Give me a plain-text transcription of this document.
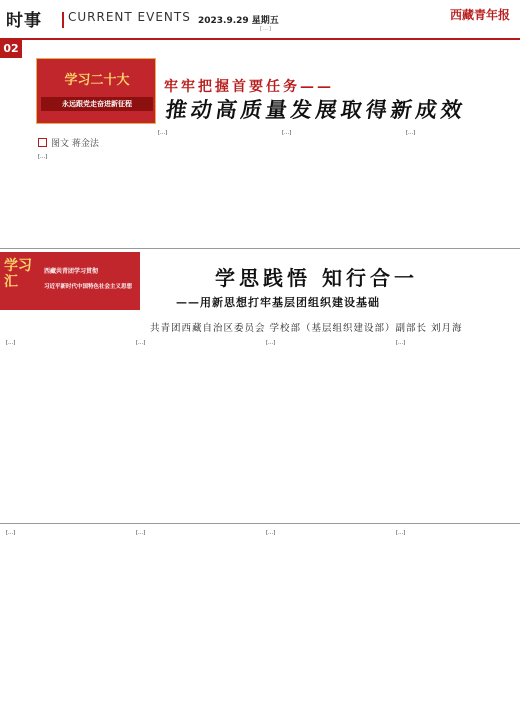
时事 CURRENT EVENTS 2023.9.29 星期五	西藏青年报
[…]
02
学习二十大
永远跟党走奋进新征程
牢牢把握首要任务——
推动高质量发展取得新成效
图文 蒋金法
[…]
[…]	[…]	[…]
学习汇
西藏共青团学习贯彻
习近平新时代中国特色社会主义思想	学思践悟 知行合一
——用新思想打牢基层团组织建设基础
共青团西藏自治区委员会 学校部（基层组织建设部）副部长 刘月海
[…]	[…]	[…]	[…]
[…]	[…]	[…]	[…]
